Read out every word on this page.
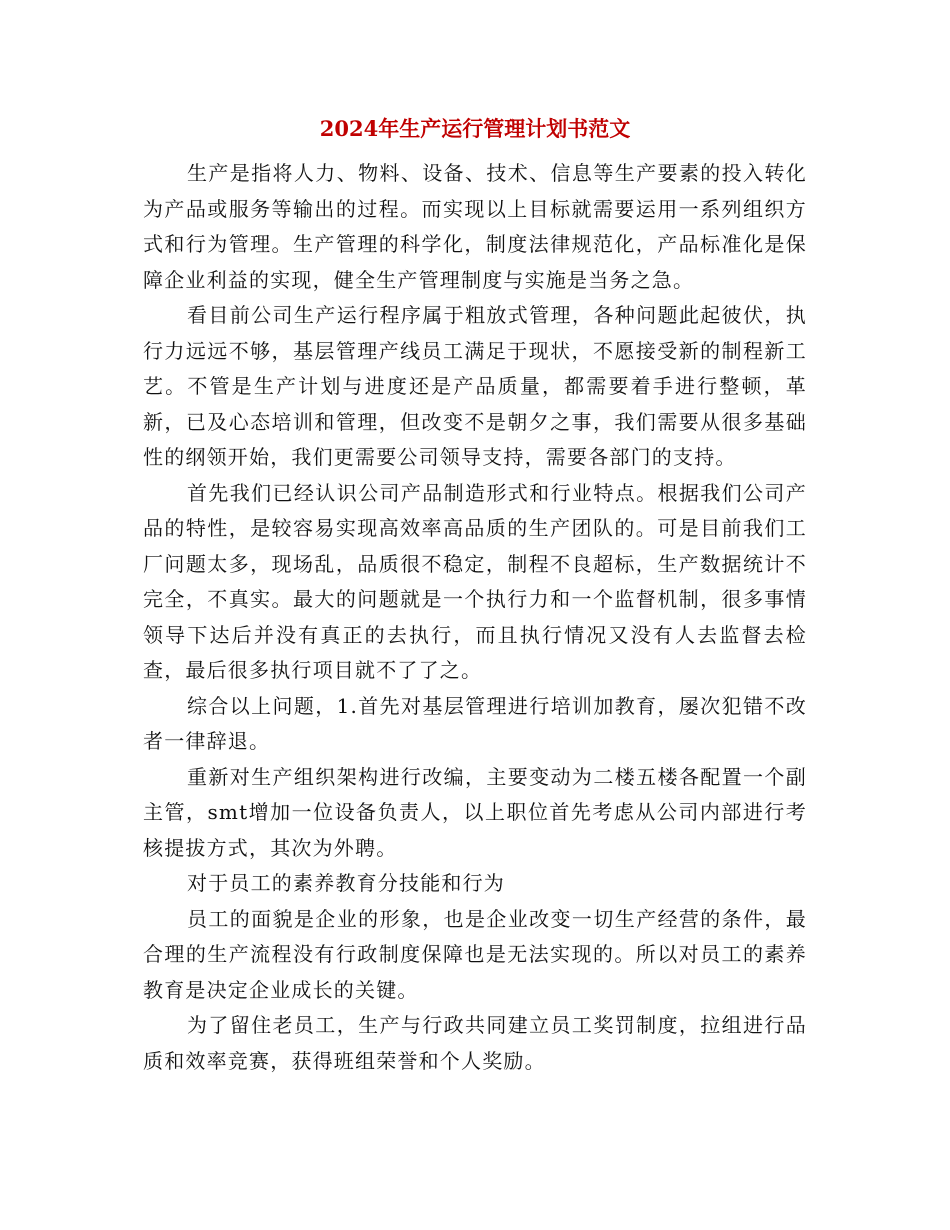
2024年生产运行管理计划书范文

生产是指将人力、物料、设备、技术、信息等生产要素的投入转化为产品或服务等输出的过程。而实现以上目标就需要运用一系列组织方式和行为管理。生产管理的科学化，制度法律规范化，产品标准化是保障企业利益的实现，健全生产管理制度与实施是当务之急。

看目前公司生产运行程序属于粗放式管理，各种问题此起彼伏，执行力远远不够，基层管理产线员工满足于现状，不愿接受新的制程新工艺。不管是生产计划与进度还是产品质量，都需要着手进行整顿，革新，已及心态培训和管理，但改变不是朝夕之事，我们需要从很多基础性的纲领开始，我们更需要公司领导支持，需要各部门的支持。

首先我们已经认识公司产品制造形式和行业特点。根据我们公司产品的特性，是较容易实现高效率高品质的生产团队的。可是目前我们工厂问题太多，现场乱，品质很不稳定，制程不良超标，生产数据统计不完全，不真实。最大的问题就是一个执行力和一个监督机制，很多事情领导下达后并没有真正的去执行，而且执行情况又没有人去监督去检查，最后很多执行项目就不了了之。

综合以上问题，1.首先对基层管理进行培训加教育，屡次犯错不改者一律辞退。

重新对生产组织架构进行改编，主要变动为二楼五楼各配置一个副主管，smt增加一位设备负责人，以上职位首先考虑从公司内部进行考核提拔方式，其次为外聘。

对于员工的素养教育分技能和行为

员工的面貌是企业的形象，也是企业改变一切生产经营的条件，最合理的生产流程没有行政制度保障也是无法实现的。所以对员工的素养教育是决定企业成长的关键。

为了留住老员工，生产与行政共同建立员工奖罚制度，拉组进行品质和效率竞赛，获得班组荣誉和个人奖励。
